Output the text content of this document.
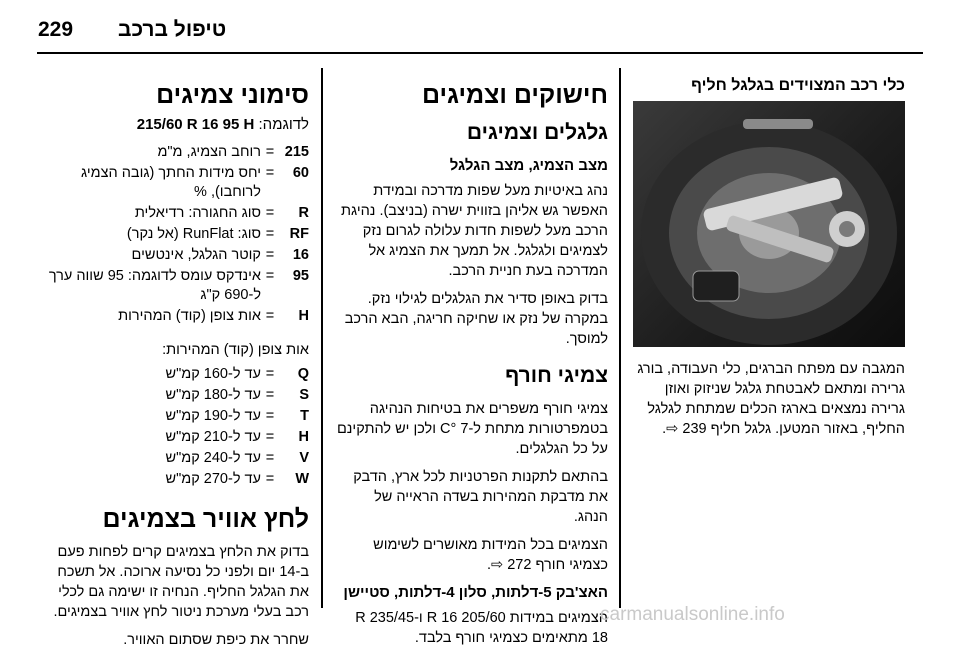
229 טיפול ברכב
כלי רכב המצוידים בגלגל חליף

המגבה עם מפתח הברגים, כלי העבודה, בורג גרירה ומתאם לאבטחת גלגל שניזוק ואוזן גרירה נמצאים בארגז הכלים שמתחת לגלגל החליף, באזור המטען. גלגל חליף 239 ⇨.

חישוקים וצמיגים
גלגלים וצמיגים
מצב הצמיג, מצב הגלגל

נהג באיטיות מעל שפות מדרכה ובמידת האפשר גש אליהן בזווית ישרה (בניצב). נהיגת הרכב מעל לשפות חדות עלולה לגרום נזק לצמיגים ולגלגל. אל תמעך את הצמיג אל המדרכה בעת חניית הרכב.

בדוק באופן סדיר את הגלגלים לגילוי נזק. במקרה של נזק או שחיקה חריגה, הבא הרכב למוסך.

צמיגי חורף

צמיגי חורף משפרים את בטיחות הנהיגה בטמפרטורות מתחת ל-7 °C ולכן יש להתקינם על כל הגלגלים.

בהתאם לתקנות הפרטניות לכל ארץ, הדבק את מדבקת המהירות בשדה הראייה של הנהג.

הצמיגים בכל המידות מאושרים לשימוש כצמיגי חורף 272 ⇨.

האצ'בק 5-דלתות, סלון 4-דלתות, סטיישן

הצמיגים במידות 205/60 R 16 ו-235/45 R 18 מתאימים כצמיגי חורף בלבד.

סימוני צמיגים
לדוגמה: 215/60 R 16 95 H
215
=
רוחב הצמיג, מ"מ
60
=
יחס מידות החתך (גובה הצמיג לרוחבו), %
R
=
סוג החגורה: רדיאלית
RF
=
סוג: RunFlat (אל נקר)
16
=
קוטר הגלגל, אינטשים
95
=
אינדקס עומס לדוגמה: 95 שווה ערך ל-690 ק"ג
H
=
אות צופן (קוד) המהירות

אות צופן (קוד) המהירות:

Q
=
עד ל-160 קמ"ש
S
=
עד ל-180 קמ"ש
T
=
עד ל-190 קמ"ש
H
=
עד ל-210 קמ"ש
V
=
עד ל-240 קמ"ש
W
=
עד ל-270 קמ"ש
לחץ אוויר בצמיגים

בדוק את הלחץ בצמיגים קרים לפחות פעם ב-14 יום ולפני כל נסיעה ארוכה. אל תשכח את הגלגל החליף. הנחיה זו ישימה גם לכלי רכב בעלי מערכת ניטור לחץ אוויר בצמיגים.

שחרר את כיפת שסתום האוויר.

carmanualsonline.info
